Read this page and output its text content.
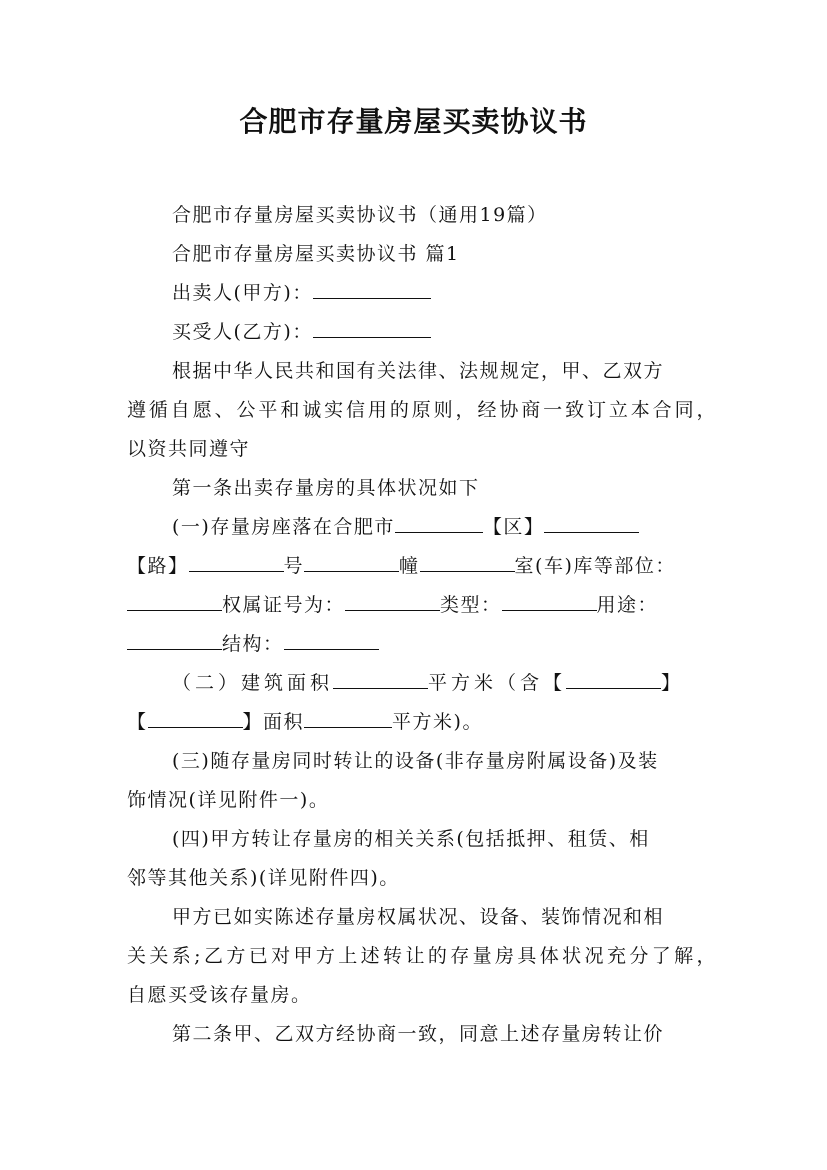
合肥市存量房屋买卖协议书
合肥市存量房屋买卖协议书（通用19篇）
合肥市存量房屋买卖协议书 篇1
出卖人(甲方)：
买受人(乙方)：
根据中华人民共和国有关法律、法规规定，甲、乙双方
遵循自愿、公平和诚实信用的原则，经协商一致订立本合同，
以资共同遵守
第一条出卖存量房的具体状况如下
(一)存量房座落在合肥市	【区】
【路】	号	幢	室(车)库等部位：
权属证号为：	类型：	用途：
结构：
（二）建筑面积	平方米（含【	】
【	】面积	平方米)。
(三)随存量房同时转让的设备(非存量房附属设备)及装
饰情况(详见附件一)。
(四)甲方转让存量房的相关关系(包括抵押、租赁、相
邻等其他关系)(详见附件四)。
甲方已如实陈述存量房权属状况、设备、装饰情况和相
关关系;乙方已对甲方上述转让的存量房具体状况充分了解，
自愿买受该存量房。
第二条甲、乙双方经协商一致，同意上述存量房转让价
